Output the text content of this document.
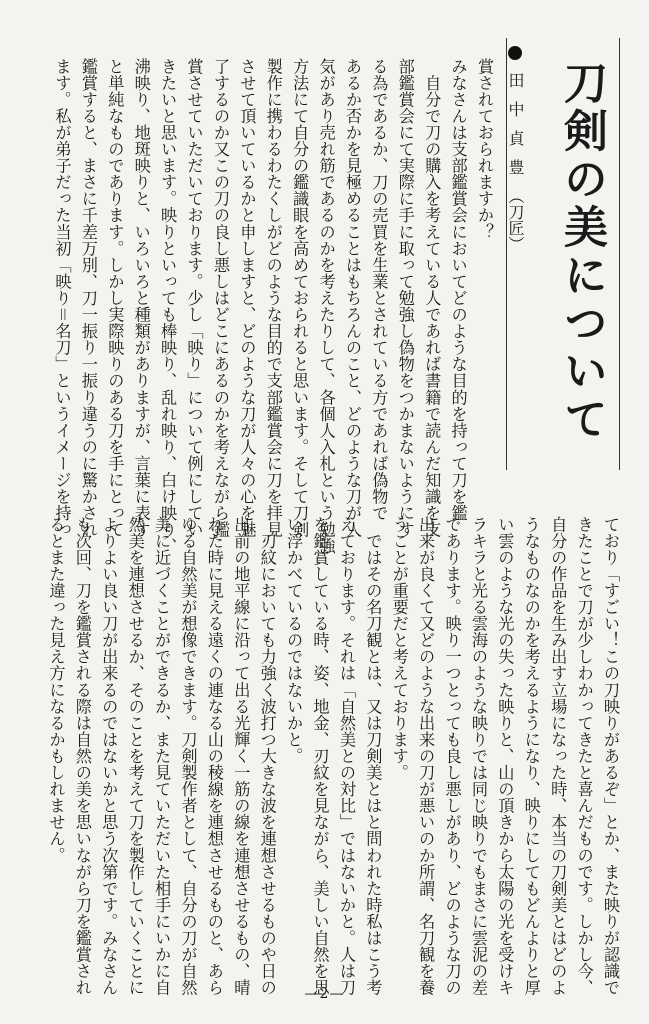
刀剣の美について
田中貞豊（刀匠）

賞されておられますか？

みなさんは支部鑑賞会においてどのような目的を持って刀を鑑

　自分で刀の購入を考えている人であれば書籍で読んだ知識を支

部鑑賞会にて実際に手に取って勉強し偽物をつかまないようにす

る為であるか、刀の売買を生業とされている方であれば偽物で

あるか否かを見極めることはもちろんのこと、どのような刀が人

気があり売れ筋であるのかを考えたりして、各個人入札という勉強

方法にて自分の鑑識眼を高めておられると思います。そして刀剣

製作に携わるわたくしがどのような目的で支部鑑賞会に刀を拝見

させて頂いているかと申しますと、どのような刀が人々の心を魅

了するのか又この刀の良し悪しはどこにあるのかを考えながら鑑

賞させていただいております。少し「映り」について例にしてい

きたいと思います。映りといっても棒映り、乱れ映り、白け映り、

沸映り、地斑映りと、いろいろと種類がありますが、言葉に表す

と単純なものであります。しかし実際映りのある刀を手にとって

鑑賞すると、まさに千差万別、刀一振り一振り違うのに驚かされ

ます。私が弟子だった当初「映り＝名刀」というイメージを持っ

ており「すごい！この刀映りがあるぞ」とか、また映りが認識で

きたことで刀が少しわかってきたと喜んだものです。しかし今、

自分の作品を生み出す立場になった時、本当の刀剣美とはどのよ

うなものなのかを考えるようになり、映りにしてもどんよりと厚

い雲のような光の失った映りと、山の頂きから太陽の光を受けキ

ラキラと光る雲海のような映りでは同じ映りでもまさに雲泥の差

であります。映り一つとっても良し悪しがあり、どのような刀の

出来が良くて又どのような出来の刀が悪いのか所謂、名刀観を養

うことが重要だと考えております。

　ではその名刀観とは、又は刀剣美とはと問われた時私はこう考

えております。それは「自然美との対比」ではないかと。人は刀

を鑑賞している時、姿、地金、刃紋を見ながら、美しい自然を思

い浮かべているのではないかと。

　刃紋においても力強く波打つ大きな波を連想させるものや日の

出前の地平線に沿って出る光輝く一筋の線を連想させるもの、晴

れた時に見える遠くの連なる山の稜線を連想させるものと、あら

ゆる自然美が想像できます。刀剣製作者として、自分の刀が自然

美に近づくことができるか、また見ていただいた相手にいかに自

然美を連想させるか、そのことを考えて刀を製作していくことに

よりよい良い刀が出来るのではないかと思う次第です。みなさん

も次回、刀を鑑賞される際は自然の美を思いながら刀を鑑賞され

るとまた違った見え方になるかもしれません。

—2—
